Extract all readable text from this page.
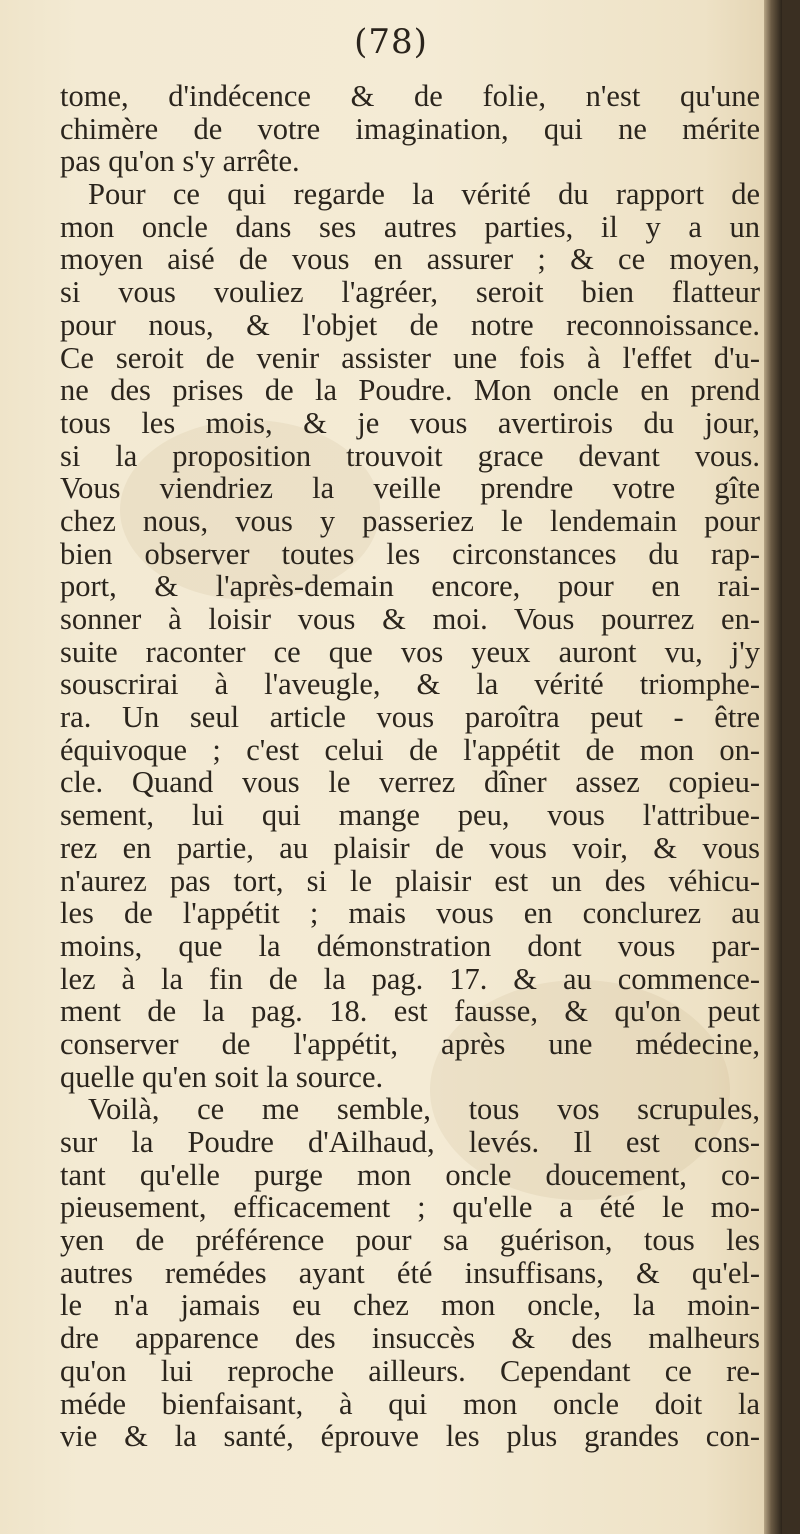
(78)
tome, d'indécence & de folie, n'est qu'une
chimère de votre imagination, qui ne mérite
pas qu'on s'y arrête.
Pour ce qui regarde la vérité du rapport de
mon oncle dans ses autres parties, il y a un
moyen aisé de vous en assurer ; & ce moyen,
si vous vouliez l'agréer, seroit bien flatteur
pour nous, & l'objet de notre reconnoissance.
Ce seroit de venir assister une fois à l'effet d'u-
ne des prises de la Poudre. Mon oncle en prend
tous les mois, & je vous avertirois du jour,
si la proposition trouvoit grace devant vous.
Vous viendriez la veille prendre votre gîte
chez nous, vous y passeriez le lendemain pour
bien observer toutes les circonstances du rap-
port, & l'après-demain encore, pour en rai-
sonner à loisir vous & moi. Vous pourrez en-
suite raconter ce que vos yeux auront vu, j'y
souscrirai à l'aveugle, & la vérité triomphe-
ra. Un seul article vous paroîtra peut - être
équivoque ; c'est celui de l'appétit de mon on-
cle. Quand vous le verrez dîner assez copieu-
sement, lui qui mange peu, vous l'attribue-
rez en partie, au plaisir de vous voir, & vous
n'aurez pas tort, si le plaisir est un des véhicu-
les de l'appétit ; mais vous en conclurez au
moins, que la démonstration dont vous par-
lez à la fin de la pag. 17. & au commence-
ment de la pag. 18. est fausse, & qu'on peut
conserver de l'appétit, après une médecine,
quelle qu'en soit la source.
Voilà, ce me semble, tous vos scrupules,
sur la Poudre d'Ailhaud, levés. Il est cons-
tant qu'elle purge mon oncle doucement, co-
pieusement, efficacement ; qu'elle a été le mo-
yen de préférence pour sa guérison, tous les
autres remédes ayant été insuffisans, & qu'el-
le n'a jamais eu chez mon oncle, la moin-
dre apparence des insuccès & des malheurs
qu'on lui reproche ailleurs. Cependant ce re-
méde bienfaisant, à qui mon oncle doit la
vie & la santé, éprouve les plus grandes con-
